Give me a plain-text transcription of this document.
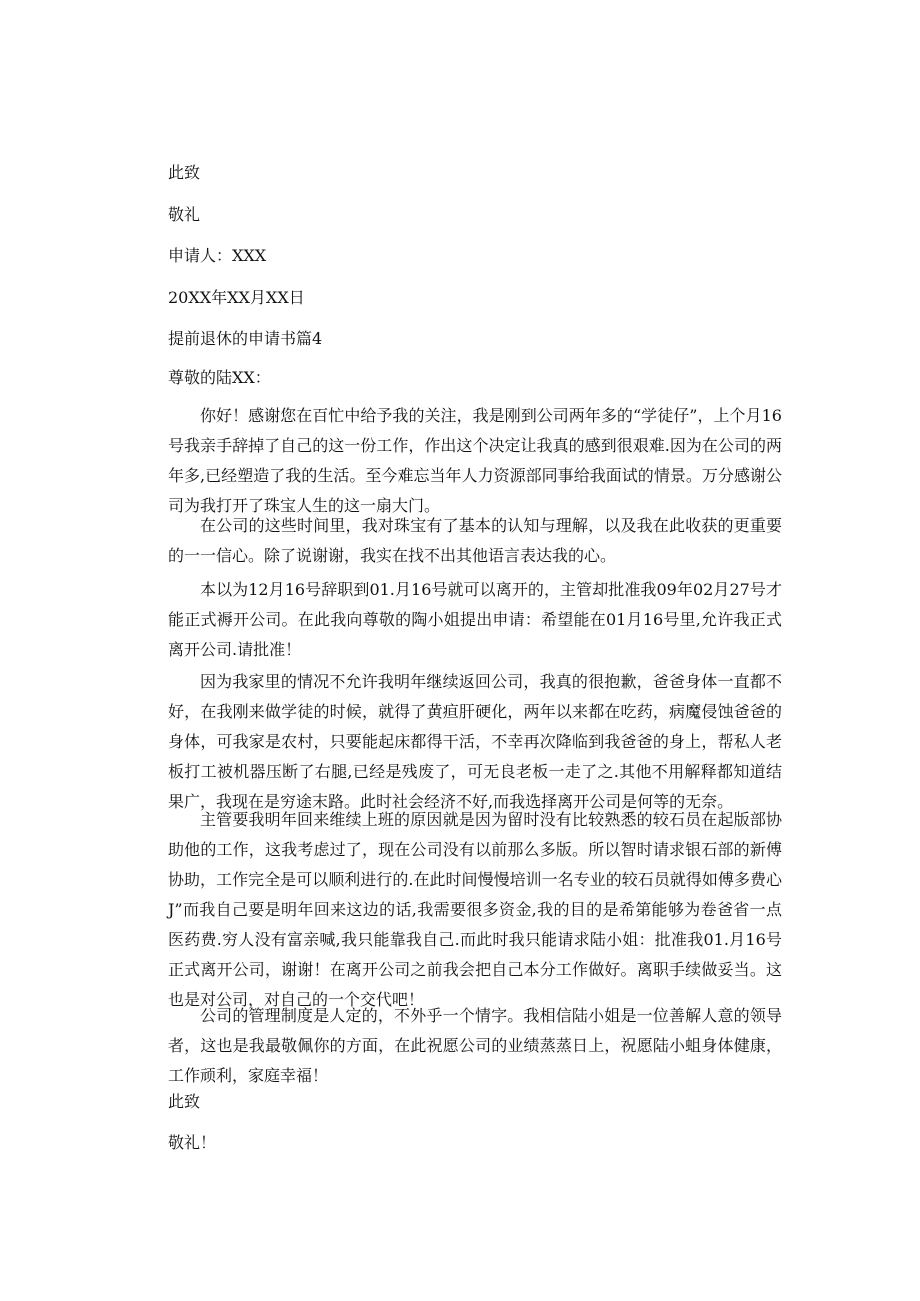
此致
敬礼
申请人：XXX
20XX年XX月XX日
提前退休的申请书篇4
尊敬的陆XX：

你好！感谢您在百忙中给予我的关注，我是刚到公司两年多的“学徒仔”，上个月16号我亲手辞掉了自己的这一份工作，作出这个决定让我真的感到很艰难.因为在公司的两年多,已经塑造了我的生活。至今难忘当年人力资源部同事给我面试的情景。万分感谢公司为我打开了珠宝人生的这一扇大门。

在公司的这些时间里，我对珠宝有了基本的认知与理解，以及我在此收获的更重要的一一信心。除了说谢谢，我实在找不出其他语言表达我的心。

本以为12月16号辞职到01.月16号就可以离开的，主管却批准我09年02月27号才能正式褥开公司。在此我向尊敬的陶小姐提出申请：希望能在01月16号里,允许我正式离开公司.请批准！

因为我家里的情况不允许我明年继续返回公司，我真的很抱歉，爸爸身体一直都不好，在我刚来做学徒的时候，就得了黄疸肝硬化，两年以来都在吃药，病魔侵蚀爸爸的身体，可我家是农村，只要能起床都得干活，不幸再次降临到我爸爸的身上，帮私人老板打工被机器压断了右腿,已经是残废了，可无良老板一走了之.其他不用解释都知道结果广，我现在是穷途末路。此时社会经济不好,而我选择离开公司是何等的无奈。

主管要我明年回来维续上班的原因就是因为留时没有比较熟悉的较石员在起版部协助他的工作，这我考虑过了，现在公司没有以前那么多版。所以智时请求银石部的新傅协助，工作完全是可以顺利进行的.在此时间慢慢培训一名专业的较石员就得如傅多费心J”而我自己要是明年回来这边的话,我需要很多资金,我的目的是希第能够为卷爸省一点医药费.穷人没有富亲喊,我只能靠我自己.而此时我只能请求陆小姐：批准我01.月16号正式离开公司，谢谢！在离开公司之前我会把自己本分工作做好。离职手续做妥当。这也是对公司，对自己的一个交代吧！

公司的管理制度是人定的，不外乎一个情字。我相信陆小姐是一位善解人意的领导者，这也是我最敬佩你的方面，在此祝愿公司的业绩蒸蒸日上，祝愿陆小蛆身体健康，工作顽利，家庭幸福！

此致
敬礼！
